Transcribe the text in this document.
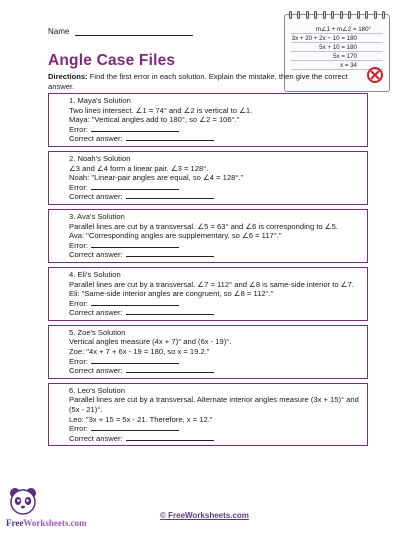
Name	m∠1 + m∠2 = 180°
3x + 20 + 2x − 10 = 180
5x + 10 = 180
5x = 170
x = 34
Angle Case Files
Directions: Find the first error in each solution. Explain the mistake, then give the correct answer.
1. Maya's Solution
Two lines intersect. ∠1 = 74° and ∠2 is vertical to ∠1.
Maya: "Vertical angles add to 180°, so ∠2 = 106°."
Error:
Correct answer:
2. Noah's Solution
∠3 and ∠4 form a linear pair. ∠3 = 128°.
Noah: "Linear-pair angles are equal, so ∠4 = 128°."
Error:
Correct answer:
3. Ava's Solution
Parallel lines are cut by a transversal. ∠5 = 63° and ∠6 is corresponding to ∠5.
Ava: "Corresponding angles are supplementary, so ∠6 = 117°."
Error:
Correct answer:
4. Eli's Solution
Parallel lines are cut by a transversal. ∠7 = 112° and ∠8 is same-side interior to ∠7.
Eli: "Same-side interior angles are congruent, so ∠8 = 112°."
Error:
Correct answer:
5. Zoe's Solution
Vertical angles measure (4x + 7)° and (6x - 19)°.
Zoe: "4x + 7 + 6x - 19 = 180, so x = 19.2."
Error:
Correct answer:
6. Leo's Solution
Parallel lines are cut by a transversal. Alternate interior angles measure (3x + 15)° and (5x - 21)°.
Leo: "3x + 15 = 5x - 21. Therefore, x = 12."
Error:
Correct answer:
FreeWorksheets.com
© FreeWorksheets.com
